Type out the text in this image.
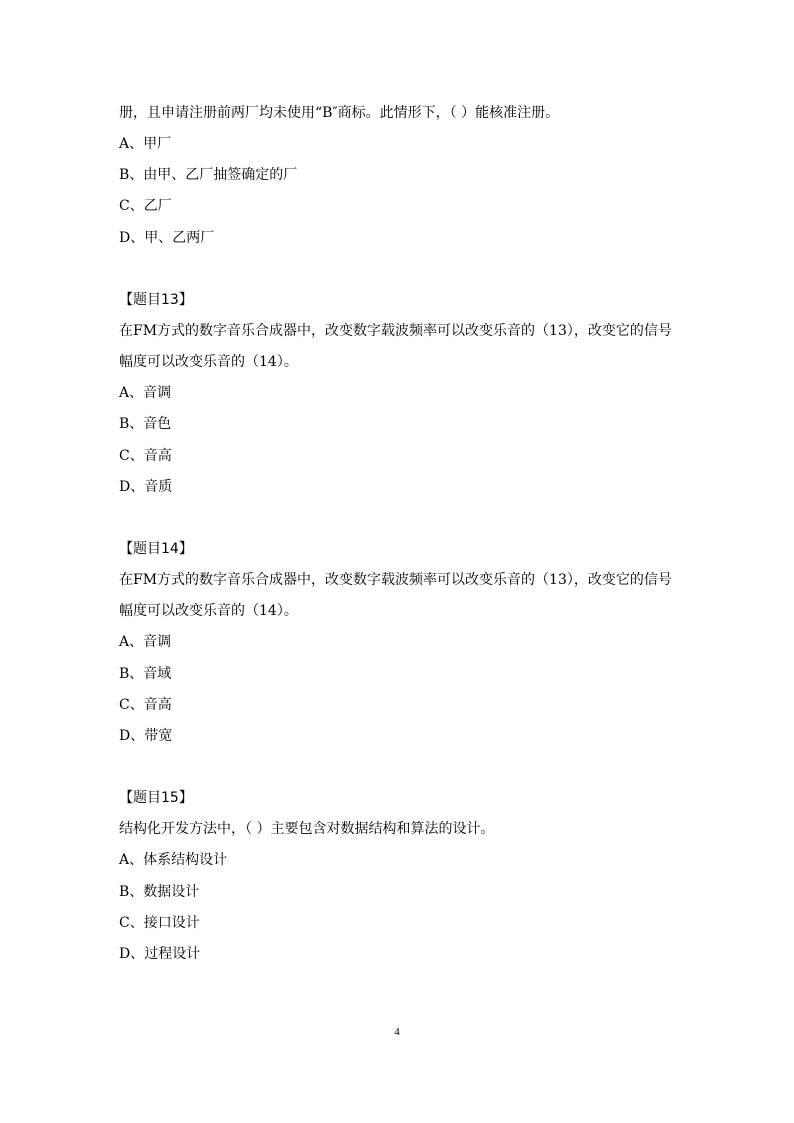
册，且申请注册前两厂均未使用“B″商标。此情形下，（ ）能核准注册。
A、甲厂
B、由甲、乙厂抽签确定的厂
C、乙厂
D、甲、乙两厂
【题目13】
在FM方式的数字音乐合成器中，改变数字载波频率可以改变乐音的（13），改变它的信号
幅度可以改变乐音的（14）。
A、音调
B、音色
C、音高
D、音质
【题目14】
在FM方式的数字音乐合成器中，改变数字载波频率可以改变乐音的（13），改变它的信号
幅度可以改变乐音的（14）。
A、音调
B、音域
C、音高
D、带宽
【题目15】
结构化开发方法中，（ ）主要包含对数据结构和算法的设计。
A、体系结构设计
B、数据设计
C、接口设计
D、过程设计
4
